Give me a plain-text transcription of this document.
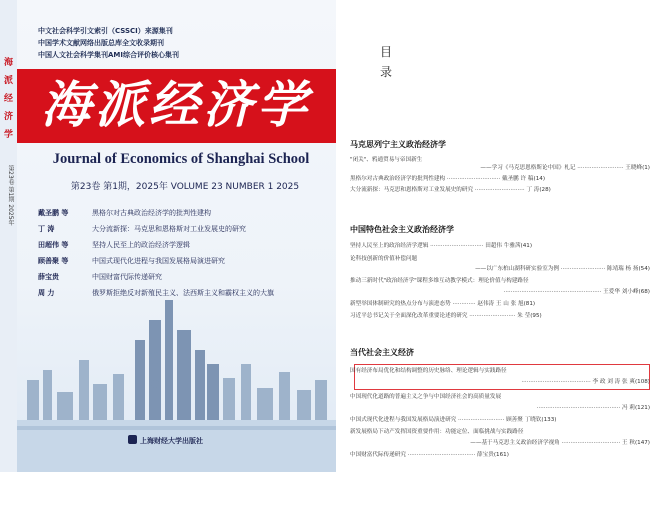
海
派
经
济
学
第23卷 第1期 2025年
中文社会科学引文索引（CSSCI）来源集刊
中国学术文献网络出版总库全文收录期刊
中国人文社会科学集刊AMI综合评价核心集刊
海派经济学
Journal of Economics of Shanghai School
第23卷 第1期，2025年 VOLUME 23 NUMBER 1 2025
戴圣鹏 等	黑格尔对古典政治经济学的批判性建构
丁 涛	大分流新探：马克思和恩格斯对工业发展史的研究
田超伟 等	坚持人民至上的政治经济学逻辑
顾善聚 等	中国式现代化进程与我国发展格局演进研究
薛宝贵	中国财富代际传递研究
周 力	俄罗斯拒绝反对新殖民主义、法西斯主义和霸权主义的大旗
上海财经大学出版社
目
录
马克思列宁主义政治经济学
"闭关"、鸦通贸易与帝国新生
——学习《马克思恩格斯论中国》札记 ·························· 王晓峰(1)
黑格尔对古典政治经济学的批判性建构 ······························ 戴圣鹏 许 稿(14)
大分流新探：马克思和恩格斯对工业发展史的研究 ···························· 丁 涛(28)
中国特色社会主义政治经济学
坚持人民至上的政治经济学逻辑 ······························ 田超伟 牛雅茜(41)
论科技创新的价值补偿问题
——以广东柏山湖科研实验室为例 ························· 陈靖瑞 杨 扬(54)
推动三新时代"政治经济学"课程多维互动教学模式：理论价值与构建路径
······················································· 王爱华 刘小峰(68)
新型举国体制研究的热点分布与演进态势 ············· 赵伟涛 王 山 张 旭(81)
习近平总书记关于全面深化改革重要论述的研究 ·························· 朱 莹(95)
当代社会主义经济
国有经济布局优化和结构调整的历史脉络、理论逻辑与实践路径
······································· 李 政 刘 涛 张 爽(108)
中国现代化道路的普遍主义之争与中国经济社会的高质量发展
··············································· 冯 莉(121)
中国式现代化进程与我国发展格局演进研究 ·························· 顾善聚 丁晓钦(133)
新发展格局下动产发挥国资重要作用：功能定位、面临挑战与实践路径
——基于马克思主义政治经济学视角 ································· 王 秋(147)
中国财富代际传递研究 ······································ 薛宝贵(161)
